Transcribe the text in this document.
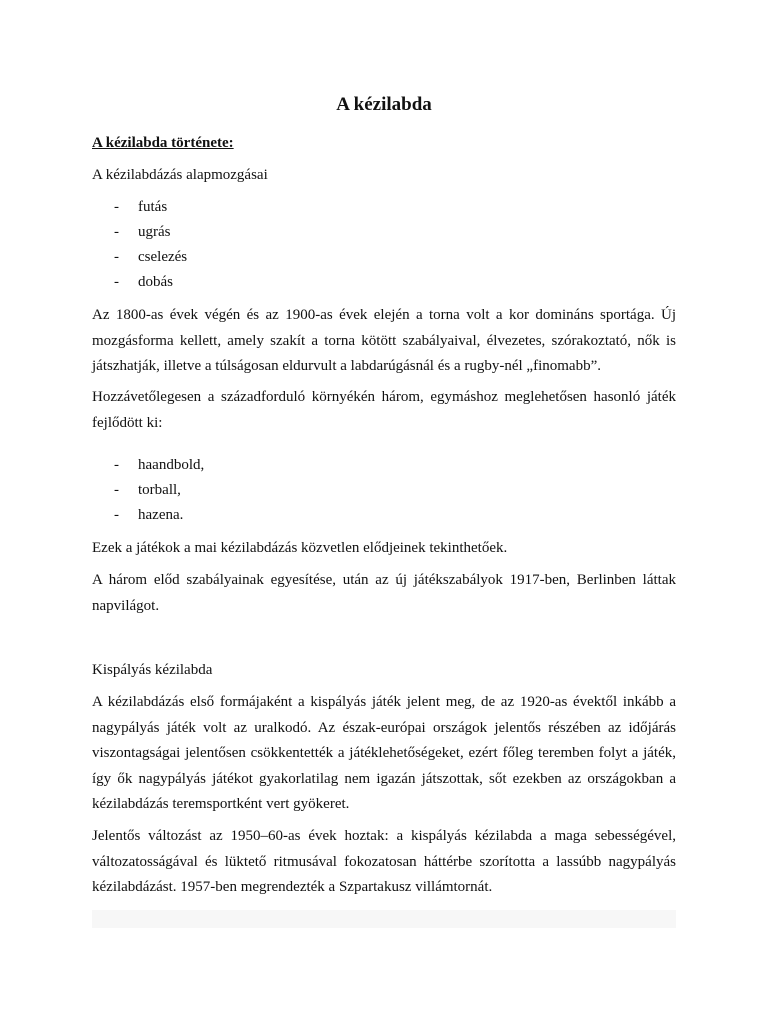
A kézilabda
A kézilabda története:

A kézilabdázás alapmozgásai

- futás
- ugrás
- cselezés
- dobás

Az 1800-as évek végén és az 1900-as évek elején a torna volt a kor domináns sportága. Új mozgásforma kellett, amely szakít a torna kötött szabályaival, élvezetes, szórakoztató, nők is játszhatják, illetve a túlságosan eldurvult a labdarúgásnál és a rugby-nél „finomabb”.

Hozzávetőlegesen a századforduló környékén három, egymáshoz meglehetősen hasonló játék fejlődött ki:

- haandbold,
- torball,
- hazena.

Ezek a játékok a mai kézilabdázás közvetlen elődjeinek tekinthetőek.

A három előd szabályainak egyesítése, után az új játékszabályok 1917-ben, Berlinben láttak napvilágot.

Kispályás kézilabda

A kézilabdázás első formájaként a kispályás játék jelent meg, de az 1920-as évektől inkább a nagypályás játék volt az uralkodó. Az észak-európai országok jelentős részében az időjárás viszontagságai jelentősen csökkentették a játéklehetőségeket, ezért főleg teremben folyt a játék, így ők nagypályás játékot gyakorlatilag nem igazán játszottak, sőt ezekben az országokban a kézilabdázás teremsportként vert gyökeret.

Jelentős változást az 1950–60-as évek hoztak: a kispályás kézilabda a maga sebességével, változatosságával és lüktető ritmusával fokozatosan háttérbe szorította a lassúbb nagypályás kézilabdázást. 1957-ben megrendezték a Szpartakusz villámtornát.
